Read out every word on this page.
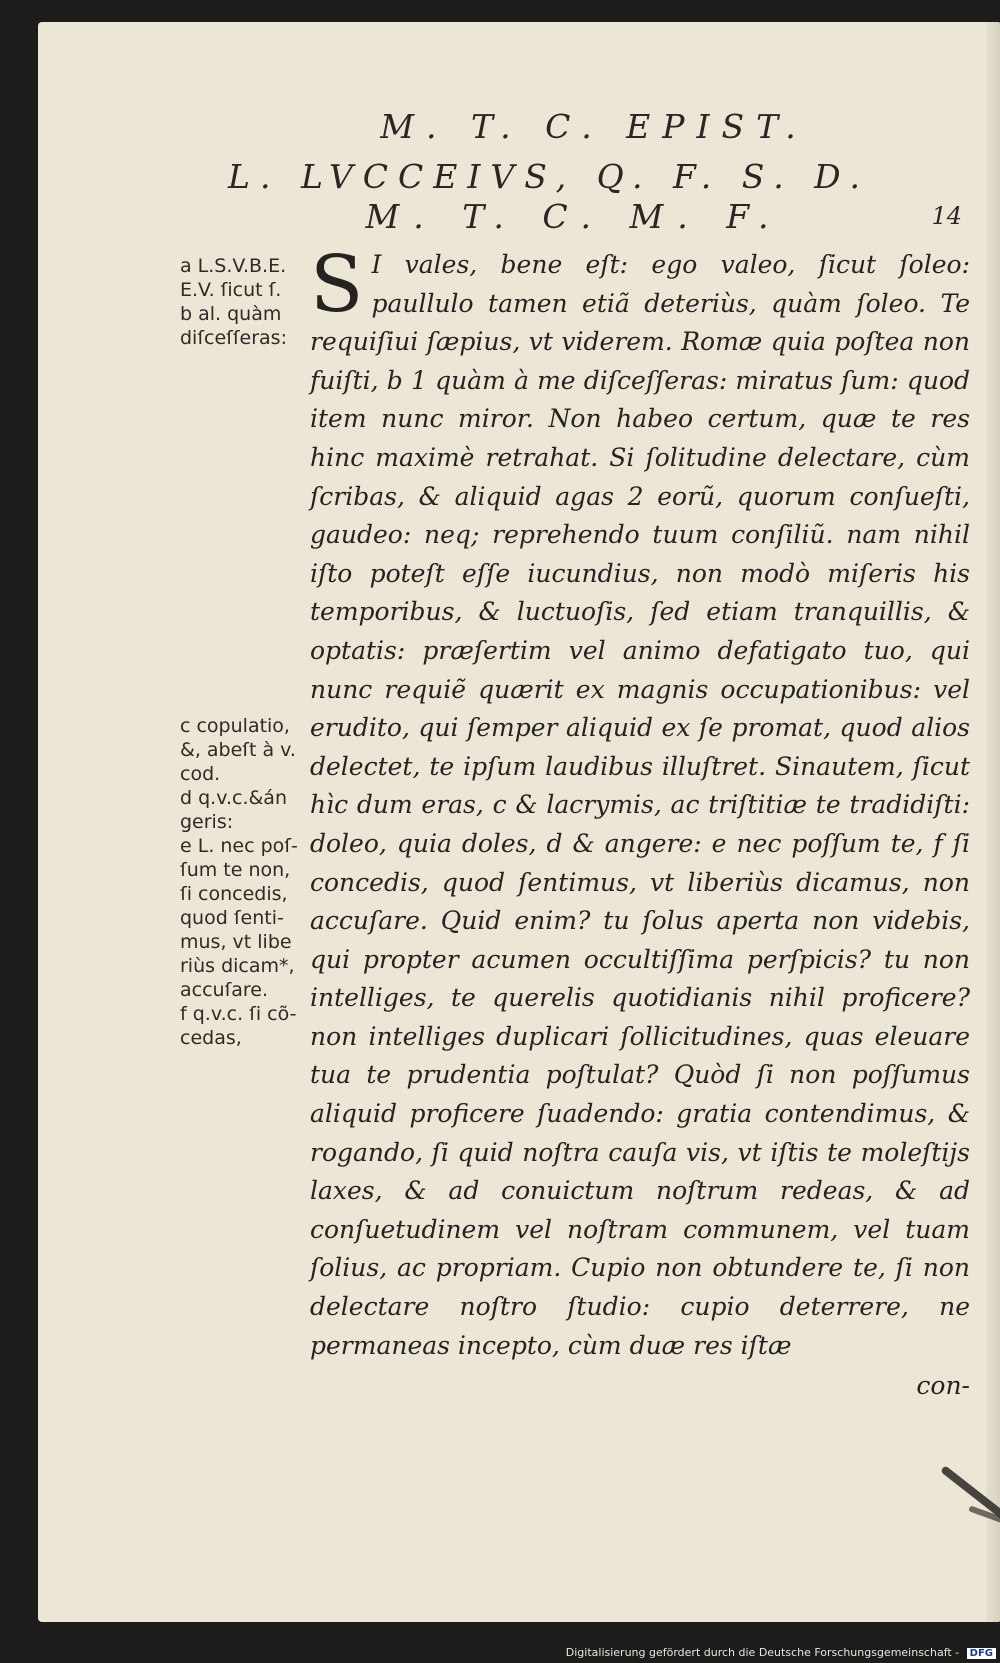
M. T. C. EPIST.
L. LVCCEIVS, Q. F. S. D.
M. T. C. M. F.	14
a L.S.V.B.E.
E.V. ſicut ſ.
b al. quàm
diſceſſeras:
c copulatio,
&, abeſt à v.
cod.
d q.v.c.&án
geris:
e L. nec poſ-
ſum te non,
ſi concedis,
quod ſenti-
mus, vt libe
riùs dicam*,
accuſare.
f q.v.c. ſi cõ-
cedas,
S I vales, bene eſt: ego valeo, ſicut ſoleo: paullulo tamen etiã deteriùs, quàm ſoleo. Te requiſiui ſæpius, vt viderem. Romæ quia poſtea non fuiſti, b 1 quàm à me diſceſſeras: miratus ſum: quod item nunc miror. Non habeo certum, quæ te res hinc maximè retrahat. Si ſolitudine delectare, cùm ſcribas, & aliquid agas 2 eorũ, quorum conſueſti, gaudeo: neq; reprehendo tuum conſiliũ. nam nihil iſto poteſt eſſe iucundius, non modò miſeris his temporibus, & luctuoſis, ſed etiam tranquillis, & optatis: præſertim vel animo defatigato tuo, qui nunc requiẽ quærit ex magnis occupationibus: vel erudito, qui ſemper aliquid ex ſe promat, quod alios delectet, te ipſum laudibus illuſtret. Sinautem, ſicut hìc dum eras, c & lacrymis, ac triſtitiæ te tradidiſti: doleo, quia doles, d & angere: e nec poſſum te, f ſi concedis, quod ſentimus, vt liberiùs dicamus, non accuſare. Quid enim? tu ſolus aperta non videbis, qui propter acumen occultiſſima perſpicis? tu non intelliges, te querelis quotidianis nihil proficere? non intelliges duplicari ſollicitudines, quas eleuare tua te prudentia poſtulat? Quòd ſi non poſſumus aliquid proficere ſuadendo: gratia contendimus, & rogando, ſi quid noſtra cauſa vis, vt iſtis te moleſtijs laxes, & ad conuictum noſtrum redeas, & ad conſuetudinem vel noſtram communem, vel tuam ſolius, ac propriam. Cupio non obtundere te, ſi non delectare noſtro ſtudio: cupio deterrere, ne permaneas incepto, cùm duæ res iſtæ
con-
Digitalisierung gefördert durch die Deutsche Forschungsgemeinschaft - DFG
